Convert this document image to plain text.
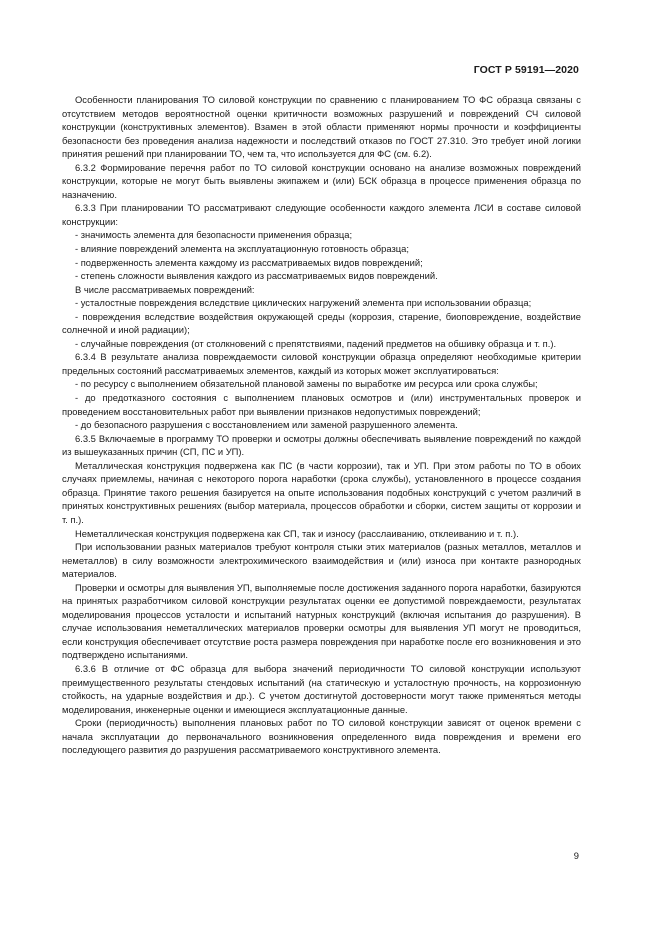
ГОСТ Р 59191—2020

Особенности планирования ТО силовой конструкции по сравнению с планированием ТО ФС образца связаны с отсутствием методов вероятностной оценки критичности возможных разрушений и повреждений СЧ силовой конструкции (конструктивных элементов). Взамен в этой области применяют нормы прочности и коэффициенты безопасности без проведения анализа надежности и последствий отказов по ГОСТ 27.310. Это требует иной логики принятия решений при планировании ТО, чем та, что используется для ФС (см. 6.2).

6.3.2 Формирование перечня работ по ТО силовой конструкции основано на анализе возможных повреждений конструкции, которые не могут быть выявлены экипажем и (или) БСК образца в процессе применения образца по назначению.

6.3.3 При планировании ТО рассматривают следующие особенности каждого элемента ЛСИ в составе силовой конструкции:

- значимость элемента для безопасности применения образца;

- влияние повреждений элемента на эксплуатационную готовность образца;

- подверженность элемента каждому из рассматриваемых видов повреждений;

- степень сложности выявления каждого из рассматриваемых видов повреждений.

В числе рассматриваемых повреждений:

- усталостные повреждения вследствие циклических нагружений элемента при использовании образца;

- повреждения вследствие воздействия окружающей среды (коррозия, старение, биоповреждение, воздействие солнечной и иной радиации);

- случайные повреждения (от столкновений с препятствиями, падений предметов на обшивку образца и т. п.).

6.3.4 В результате анализа повреждаемости силовой конструкции образца определяют необходимые критерии предельных состояний рассматриваемых элементов, каждый из которых может эксплуатироваться:

- по ресурсу с выполнением обязательной плановой замены по выработке им ресурса или срока службы;

- до предотказного состояния с выполнением плановых осмотров и (или) инструментальных проверок и проведением восстановительных работ при выявлении признаков недопустимых повреждений;

- до безопасного разрушения с восстановлением или заменой разрушенного элемента.

6.3.5 Включаемые в программу ТО проверки и осмотры должны обеспечивать выявление повреждений по каждой из вышеуказанных причин (СП, ПС и УП).

Металлическая конструкция подвержена как ПС (в части коррозии), так и УП. При этом работы по ТО в обоих случаях приемлемы, начиная с некоторого порога наработки (срока службы), установленного в процессе создания образца. Принятие такого решения базируется на опыте использования подобных конструкций с учетом различий в принятых конструктивных решениях (выбор материала, процессов обработки и сборки, систем защиты от коррозии и т. п.).

Неметаллическая конструкция подвержена как СП, так и износу (расслаиванию, отклеиванию и т. п.).

При использовании разных материалов требуют контроля стыки этих материалов (разных металлов, металлов и неметаллов) в силу возможности электрохимического взаимодействия и (или) износа при контакте разнородных материалов.

Проверки и осмотры для выявления УП, выполняемые после достижения заданного порога наработки, базируются на принятых разработчиком силовой конструкции результатах оценки ее допустимой повреждаемости, результатах моделирования процессов усталости и испытаний натурных конструкций (включая испытания до разрушения). В случае использования неметаллических материалов проверки осмотры для выявления УП могут не проводиться, если конструкция обеспечивает отсутствие роста размера повреждения при наработке после его возникновения и это подтверждено испытаниями.

6.3.6 В отличие от ФС образца для выбора значений периодичности ТО силовой конструкции используют преимущественного результаты стендовых испытаний (на статическую и усталостную прочность, на коррозионную стойкость, на ударные воздействия и др.). С учетом достигнутой достоверности могут также применяться методы моделирования, инженерные оценки и имеющиеся эксплуатационные данные.

Сроки (периодичность) выполнения плановых работ по ТО силовой конструкции зависят от оценок времени с начала эксплуатации до первоначального возникновения определенного вида повреждения и времени его последующего развития до разрушения рассматриваемого конструктивного элемента.

9
